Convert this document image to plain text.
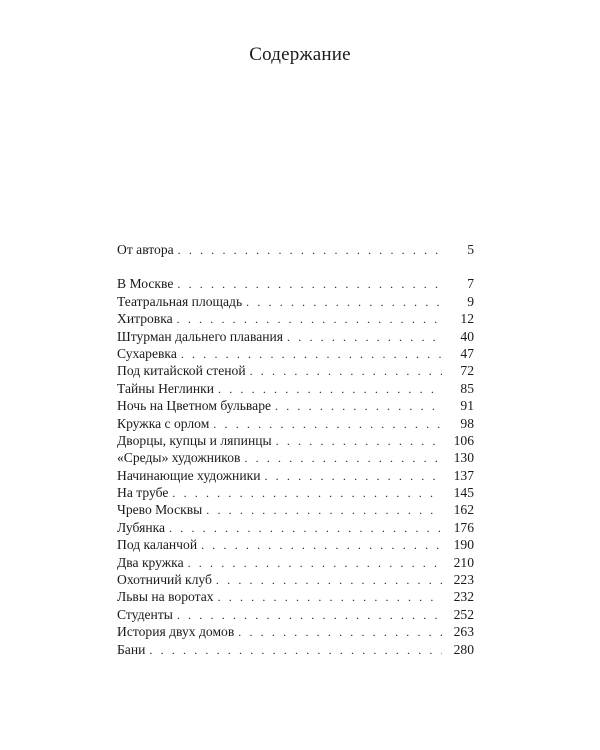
Содержание
От автора . . .	5
В Москве . . .	7
Театральная площадь . . .	9
Хитровка . . .	12
Штурман дальнего плавания . . .	40
Сухаревка . . .	47
Под китайской стеной . . .	72
Тайны Неглинки . . .	85
Ночь на Цветном бульваре . . .	91
Кружка с орлом . . .	98
Дворцы, купцы и ляпинцы . . .	106
«Среды» художников . . .	130
Начинающие художники . . .	137
На трубе . . .	145
Чрево Москвы . . .	162
Лубянка . . .	176
Под каланчой . . .	190
Два кружка . . .	210
Охотничий клуб . . .	223
Львы на воротах . . .	232
Студенты . . .	252
История двух домов . . .	263
Бани . . .	280
